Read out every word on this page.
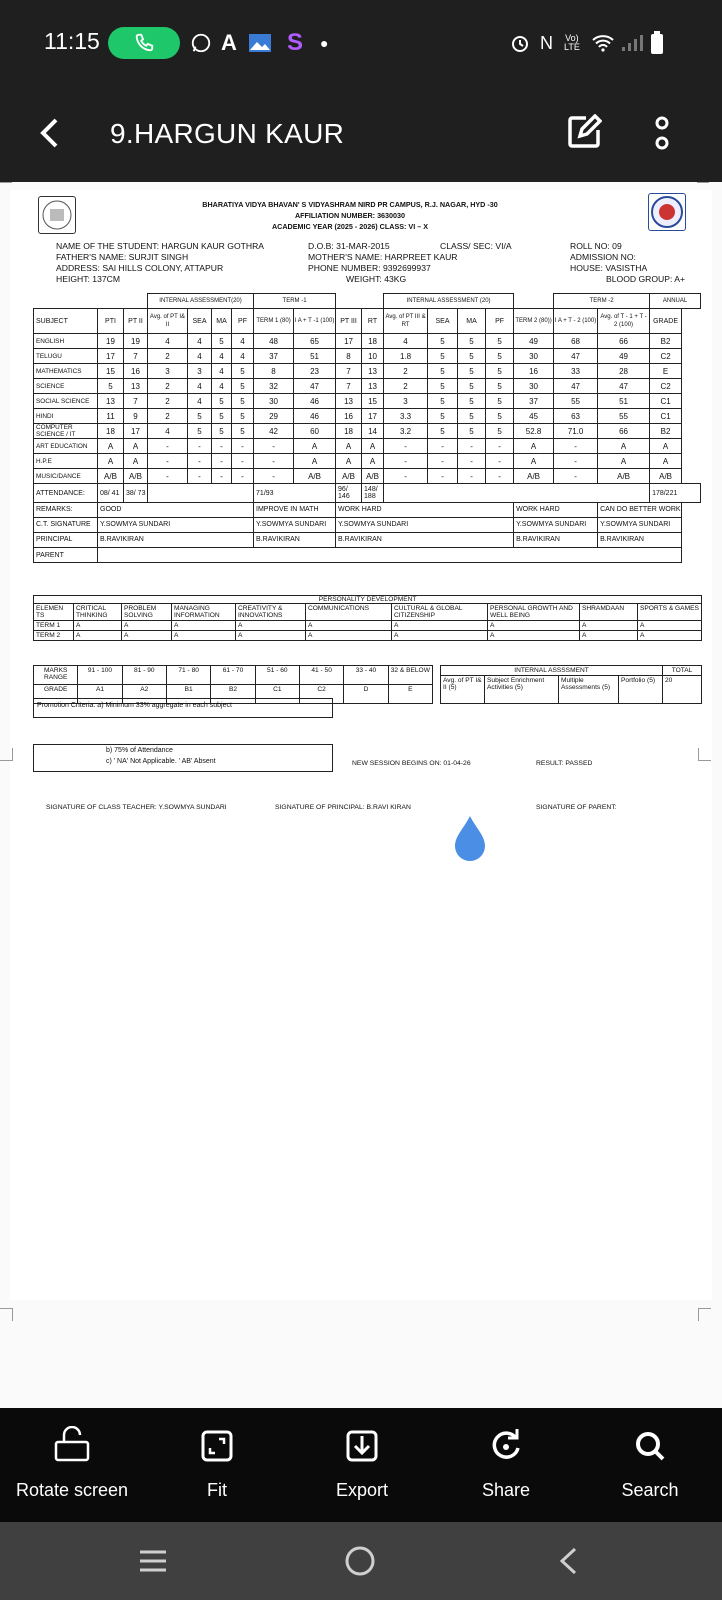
11:15	A S ●	N Vo)
LTE
9.HARGUN KAUR
BHARATIYA VIDYA BHAVAN' S VIDYASHRAM NIRD PR CAMPUS, R.J. NAGAR, HYD -30
AFFILIATION NUMBER: 3630030
ACADEMIC YEAR (2025 - 2026) CLASS: VI – X
NAME OF THE STUDENT: HARGUN KAUR GOTHRA
FATHER'S NAME: SURJIT SINGH
ADDRESS: SAI HILLS COLONY, ATTAPUR
HEIGHT: 137CM
D.O.B: 31-MAR-2015	CLASS/ SEC: VI/A
MOTHER'S NAME: HARPREET KAUR
PHONE NUMBER: 9392699937
WEIGHT: 43KG
ROLL NO: 09
ADMISSION NO:
HOUSE: VASISTHA
BLOOD GROUP: A+
			INTERNAL ASSESSMENT(20)				TERM -1				INTERNAL ASSESSMENT (20)					TERM -2		ANNUAL
SUBJECT	PTI	PT II	Avg. of PT I& II	SEA	MA	PF	TERM 1 (80)	I A + T -1 (100)	PT III	RT	Avg. of PT III & RT	SEA	MA	PF	TERM 2 (80))	I A + T - 2 (100)	Avg. of T - 1 + T - 2 (100)	GRADE
ENGLISH	19	19	4	4	5	4	48	65	17	18	4	5	5	5	49	68	66	B2
TELUGU	17	7	2	4	4	4	37	51	8	10	1.8	5	5	5	30	47	49	C2
MATHEMATICS	15	16	3	3	4	5	8	23	7	13	2	5	5	5	16	33	28	E
SCIENCE	5	13	2	4	4	5	32	47	7	13	2	5	5	5	30	47	47	C2
SOCIAL SCIENCE	13	7	2	4	5	5	30	46	13	15	3	5	5	5	37	55	51	C1
HINDI	11	9	2	5	5	5	29	46	16	17	3.3	5	5	5	45	63	55	C1
COMPUTER SCIENCE / IT	18	17	4	5	5	5	42	60	18	14	3.2	5	5	5	52.8	71.0	66	B2
ART EDUCATION	A	A	-	-	-	-	-	A	A	A	-	-	-	-	A	-	A	A
H.P.E	A	A	-	-	-	-	-	A	A	A	-	-	-	-	A	-	A	A
MUSIC/DANCE	A/B	A/B	-	-	-	-	-	A/B	A/B	A/B	-	-	-	-	A/B	-	A/B	A/B
ATTENDANCE:	08/ 41	38/ 73					71/93		96/ 146	148/ 188								178/221
REMARKS:	GOOD						IMPROVE IN MATH		WORK HARD						WORK HARD		CAN DO BETTER WORK	
C.T. SIGNATURE	Y.SOWMYA SUNDARI						Y.SOWMYA SUNDARI		Y.SOWMYA SUNDARI						Y.SOWMYA SUNDARI		Y.SOWMYA SUNDARI	
PRINCIPAL	B.RAVIKIRAN						B.RAVIKIRAN		B.RAVIKIRAN						B.RAVIKIRAN		B.RAVIKIRAN	
PARENT																		
PERSONALITY DEVELOPMENT									
ELEMEN TS	CRITICAL THINKING	PROBLEM SOLVING	MANAGING INFORMATION	CREATIVITY & INNOVATIONS	COMMUNICATIONS	CULTURAL & GLOBAL CITIZENSHIP	PERSONAL GROWTH AND WELL BEING	SHRAMDAAN	SPORTS & GAMES
TERM 1	A	A	A	A	A	A	A	A	A
TERM 2	A	A	A	A	A	A	A	A	A
MARKS RANGE	91 - 100	81 - 90	71 - 80	61 - 70	51 - 60	41 - 50	33 - 40	32 & BELOW
GRADE	A1	A2	B1	B2	C1	C2	D	E
INTERNAL ASSSSMENT				TOTAL
Avg. of PT I& II (5)	Subject Enrichment Activities (5)	Multiple Assessments (5)	Portfolio (5)	20
Promotion Criteria: a) Minimum 33% aggregate in each subject
b) 75% of Attendance
c) ' NA' Not Applicable. ' AB' Absent	NEW SESSION BEGINS ON: 01-04-26	RESULT: PASSED
SIGNATURE OF CLASS TEACHER: Y.SOWMYA SUNDARI	SIGNATURE OF PRINCIPAL: B.RAVI KIRAN	SIGNATURE OF PARENT:
Rotate screen	Fit	Export	Share	Search
